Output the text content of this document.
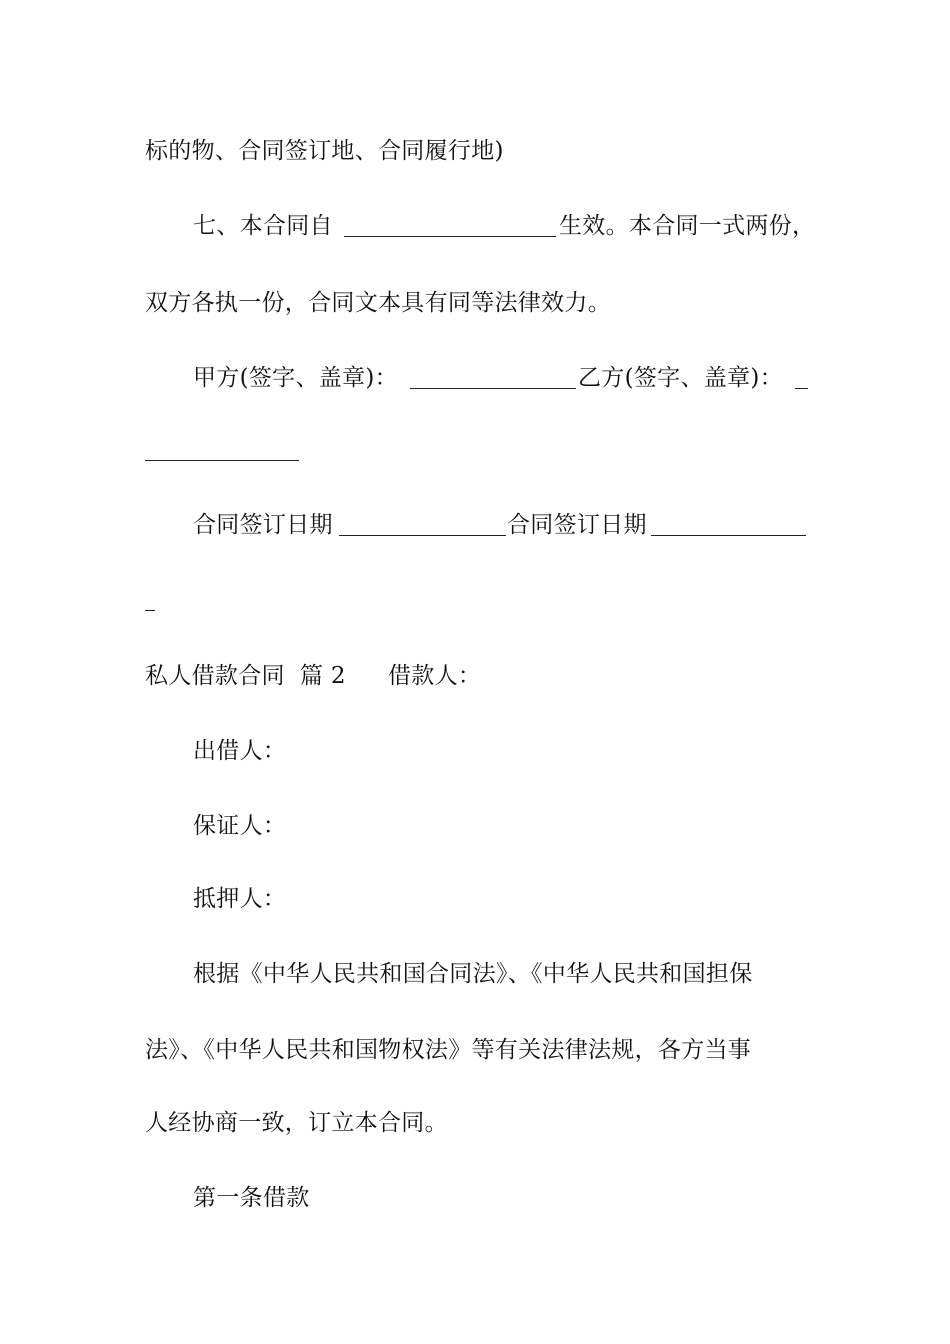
标的物、合同签订地、合同履行地)
七、本合同自	生效。本合同一式两份，
双方各执一份，合同文本具有同等法律效力。
甲方(签字、盖章)：	乙方(签字、盖章)：
合同签订日期	合同签订日期
私人借款合同 篇 2 借款人：
出借人：
保证人：
抵押人：
根据《中华人民共和国合同法》、《中华人民共和国担保
法》、《中华人民共和国物权法》等有关法律法规，各方当事
人经协商一致，订立本合同。
第一条借款
